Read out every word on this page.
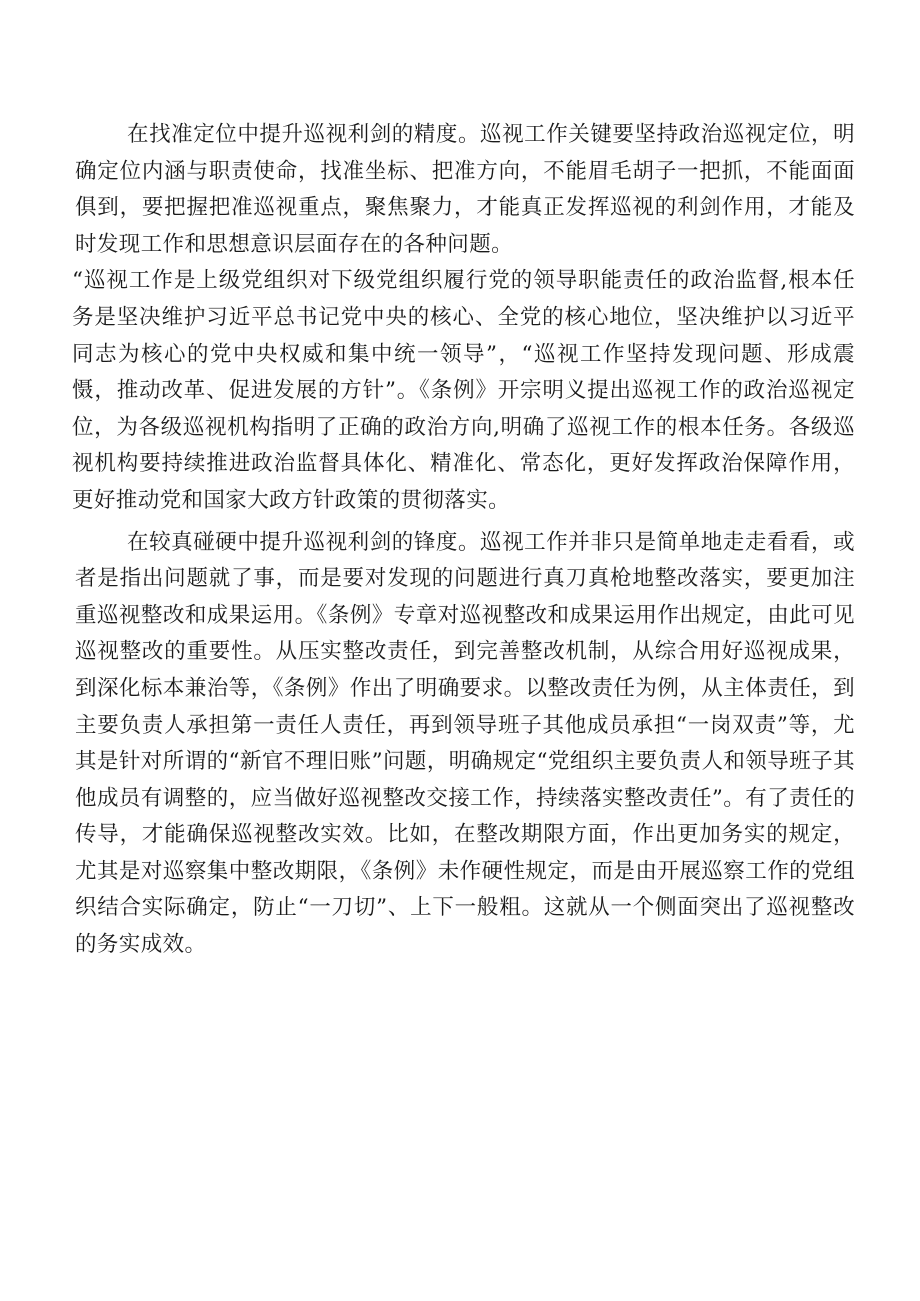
在找准定位中提升巡视利剑的精度。巡视工作关键要坚持政治巡视定位，明确定位内涵与职责使命，找准坐标、把准方向，不能眉毛胡子一把抓，不能面面俱到，要把握把准巡视重点，聚焦聚力，才能真正发挥巡视的利剑作用，才能及时发现工作和思想意识层面存在的各种问题。

“巡视工作是上级党组织对下级党组织履行党的领导职能责任的政治监督,根本任务是坚决维护习近平总书记党中央的核心、全党的核心地位，坚决维护以习近平同志为核心的党中央权威和集中统一领导”，“巡视工作坚持发现问题、形成震慑，推动改革、促进发展的方针”。《条例》开宗明义提出巡视工作的政治巡视定位，为各级巡视机构指明了正确的政治方向,明确了巡视工作的根本任务。各级巡视机构要持续推进政治监督具体化、精准化、常态化，更好发挥政治保障作用，更好推动党和国家大政方针政策的贯彻落实。

在较真碰硬中提升巡视利剑的锋度。巡视工作并非只是简单地走走看看，或者是指出问题就了事，而是要对发现的问题进行真刀真枪地整改落实，要更加注重巡视整改和成果运用。《条例》专章对巡视整改和成果运用作出规定，由此可见巡视整改的重要性。从压实整改责任，到完善整改机制，从综合用好巡视成果，到深化标本兼治等，《条例》作出了明确要求。以整改责任为例，从主体责任，到主要负责人承担第一责任人责任，再到领导班子其他成员承担“一岗双责”等，尤其是针对所谓的“新官不理旧账”问题，明确规定“党组织主要负责人和领导班子其他成员有调整的，应当做好巡视整改交接工作，持续落实整改责任”。有了责任的传导，才能确保巡视整改实效。比如，在整改期限方面，作出更加务实的规定，尤其是对巡察集中整改期限，《条例》未作硬性规定，而是由开展巡察工作的党组织结合实际确定，防止“一刀切”、上下一般粗。这就从一个侧面突出了巡视整改的务实成效。
